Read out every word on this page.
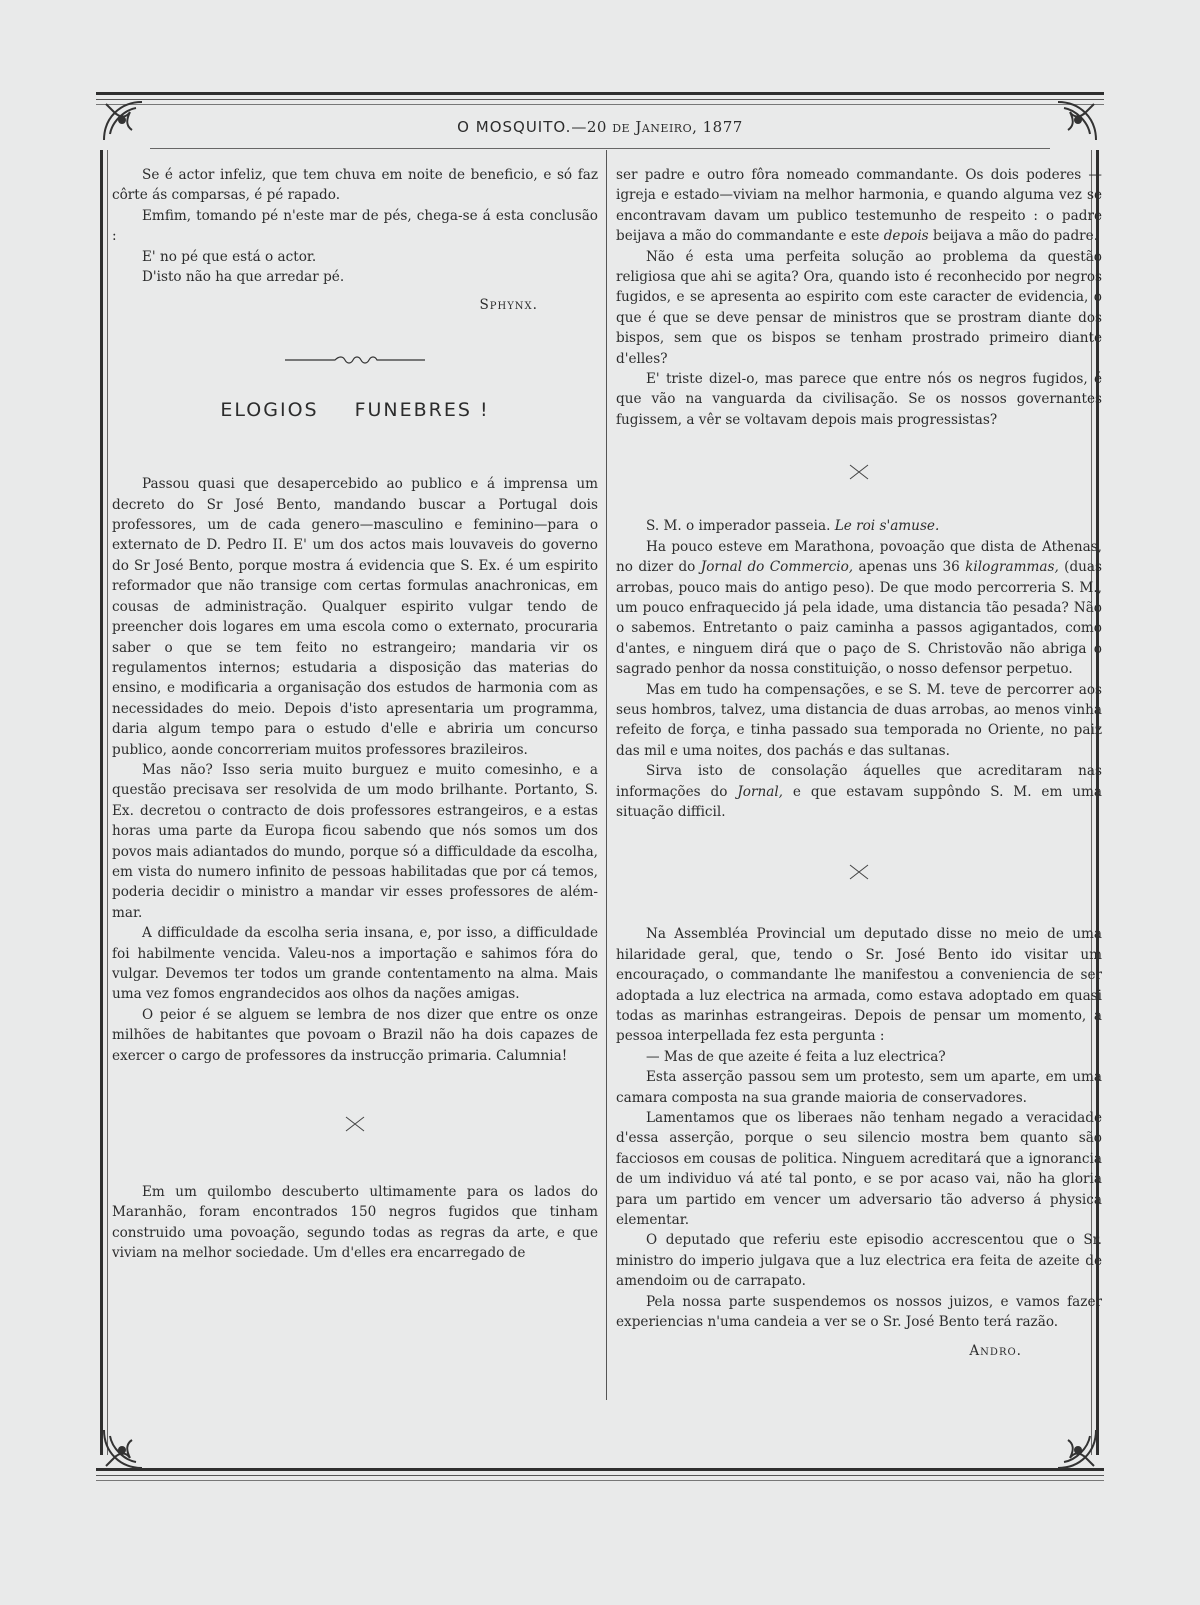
O MOSQUITO.—20 de Janeiro, 1877

Se é actor infeliz, que tem chuva em noite de beneficio, e só faz côrte ás comparsas, é pé rapado.

Emfim, tomando pé n'este mar de pés, chega-se á esta conclusão :

E' no pé que está o actor.

D'isto não ha que arredar pé.

Sphynx.
ELOGIOS FUNEBRES !

Passou quasi que desapercebido ao publico e á imprensa um decreto do Sr José Bento, mandando buscar a Portugal dois professores, um de cada genero—masculino e feminino—para o externato de D. Pedro II. E' um dos actos mais louvaveis do governo do Sr José Bento, porque mostra á evidencia que S. Ex. é um espirito reformador que não transige com certas formulas anachronicas, em cousas de administração. Qualquer espirito vulgar tendo de preencher dois logares em uma escola como o externato, procuraria saber o que se tem feito no estrangeiro; mandaria vir os regulamentos internos; estudaria a disposição das materias do ensino, e modificaria a organisação dos estudos de harmonia com as necessidades do meio. Depois d'isto apresentaria um programma, daria algum tempo para o estudo d'elle e abriria um concurso publico, aonde concorreriam muitos professores brazileiros.

Mas não? Isso seria muito burguez e muito comesinho, e a questão precisava ser resolvida de um modo brilhante. Portanto, S. Ex. decretou o contracto de dois professores estrangeiros, e a estas horas uma parte da Europa ficou sabendo que nós somos um dos povos mais adiantados do mundo, porque só a difficuldade da escolha, em vista do numero infinito de pessoas habilitadas que por cá temos, poderia decidir o ministro a mandar vir esses professores de além-mar.

A difficuldade da escolha seria insana, e, por isso, a difficuldade foi habilmente vencida. Valeu-nos a importação e sahimos fóra do vulgar. Devemos ter todos um grande contentamento na alma. Mais uma vez fomos engrandecidos aos olhos da nações amigas.

O peior é se alguem se lembra de nos dizer que entre os onze milhões de habitantes que povoam o Brazil não ha dois capazes de exercer o cargo de professores da instrucção primaria. Calumnia!

Em um quilombo descuberto ultimamente para os lados do Maranhão, foram encontrados 150 negros fugidos que tinham construido uma povoação, segundo todas as regras da arte, e que viviam na melhor sociedade. Um d'elles era encarregado de

ser padre e outro fôra nomeado commandante. Os dois poderes —igreja e estado—viviam na melhor harmonia, e quando alguma vez se encontravam davam um publico testemunho de respeito : o padre beijava a mão do commandante e este depois beijava a mão do padre.

Não é esta uma perfeita solução ao problema da questão religiosa que ahi se agita? Ora, quando isto é reconhecido por negros fugidos, e se apresenta ao espirito com este caracter de evidencia, o que é que se deve pensar de ministros que se prostram diante dos bispos, sem que os bispos se tenham prostrado primeiro diante d'elles?

E' triste dizel-o, mas parece que entre nós os negros fugidos, é que vão na vanguarda da civilisação. Se os nossos governantes fugissem, a vêr se voltavam depois mais progressistas?

S. M. o imperador passeia. Le roi s'amuse.

Ha pouco esteve em Marathona, povoação que dista de Athenas, no dizer do Jornal do Commercio, apenas uns 36 kilogrammas, (duas arrobas, pouco mais do antigo peso). De que modo percorreria S. M., um pouco enfraquecido já pela idade, uma distancia tão pesada? Não o sabemos. Entretanto o paiz caminha a passos agigantados, como d'antes, e ninguem dirá que o paço de S. Christovão não abriga o sagrado penhor da nossa constituição, o nosso defensor perpetuo.

Mas em tudo ha compensações, e se S. M. teve de percorrer aos seus hombros, talvez, uma distancia de duas arrobas, ao menos vinha refeito de força, e tinha passado sua temporada no Oriente, no paiz das mil e uma noites, dos pachás e das sultanas.

Sirva isto de consolação áquelles que acreditaram nas informações do Jornal, e que estavam suppôndo S. M. em uma situação difficil.

Na Assembléa Provincial um deputado disse no meio de uma hilaridade geral, que, tendo o Sr. José Bento ido visitar um encouraçado, o commandante lhe manifestou a conveniencia de ser adoptada a luz electrica na armada, como estava adoptado em quasi todas as marinhas estrangeiras. Depois de pensar um momento, a pessoa interpellada fez esta pergunta :

— Mas de que azeite é feita a luz electrica?

Esta asserção passou sem um protesto, sem um aparte, em uma camara composta na sua grande maioria de conservadores.

Lamentamos que os liberaes não tenham negado a veracidade d'essa asserção, porque o seu silencio mostra bem quanto são facciosos em cousas de politica. Ninguem acreditará que a ignorancia de um individuo vá até tal ponto, e se por acaso vai, não ha gloria para um partido em vencer um adversario tão adverso á physica elementar.

O deputado que referiu este episodio accrescentou que o Sr. ministro do imperio julgava que a luz electrica era feita de azeite de amendoim ou de carrapato.

Pela nossa parte suspendemos os nossos juizos, e vamos fazer experiencias n'uma candeia a ver se o Sr. José Bento terá razão.

Andro.
